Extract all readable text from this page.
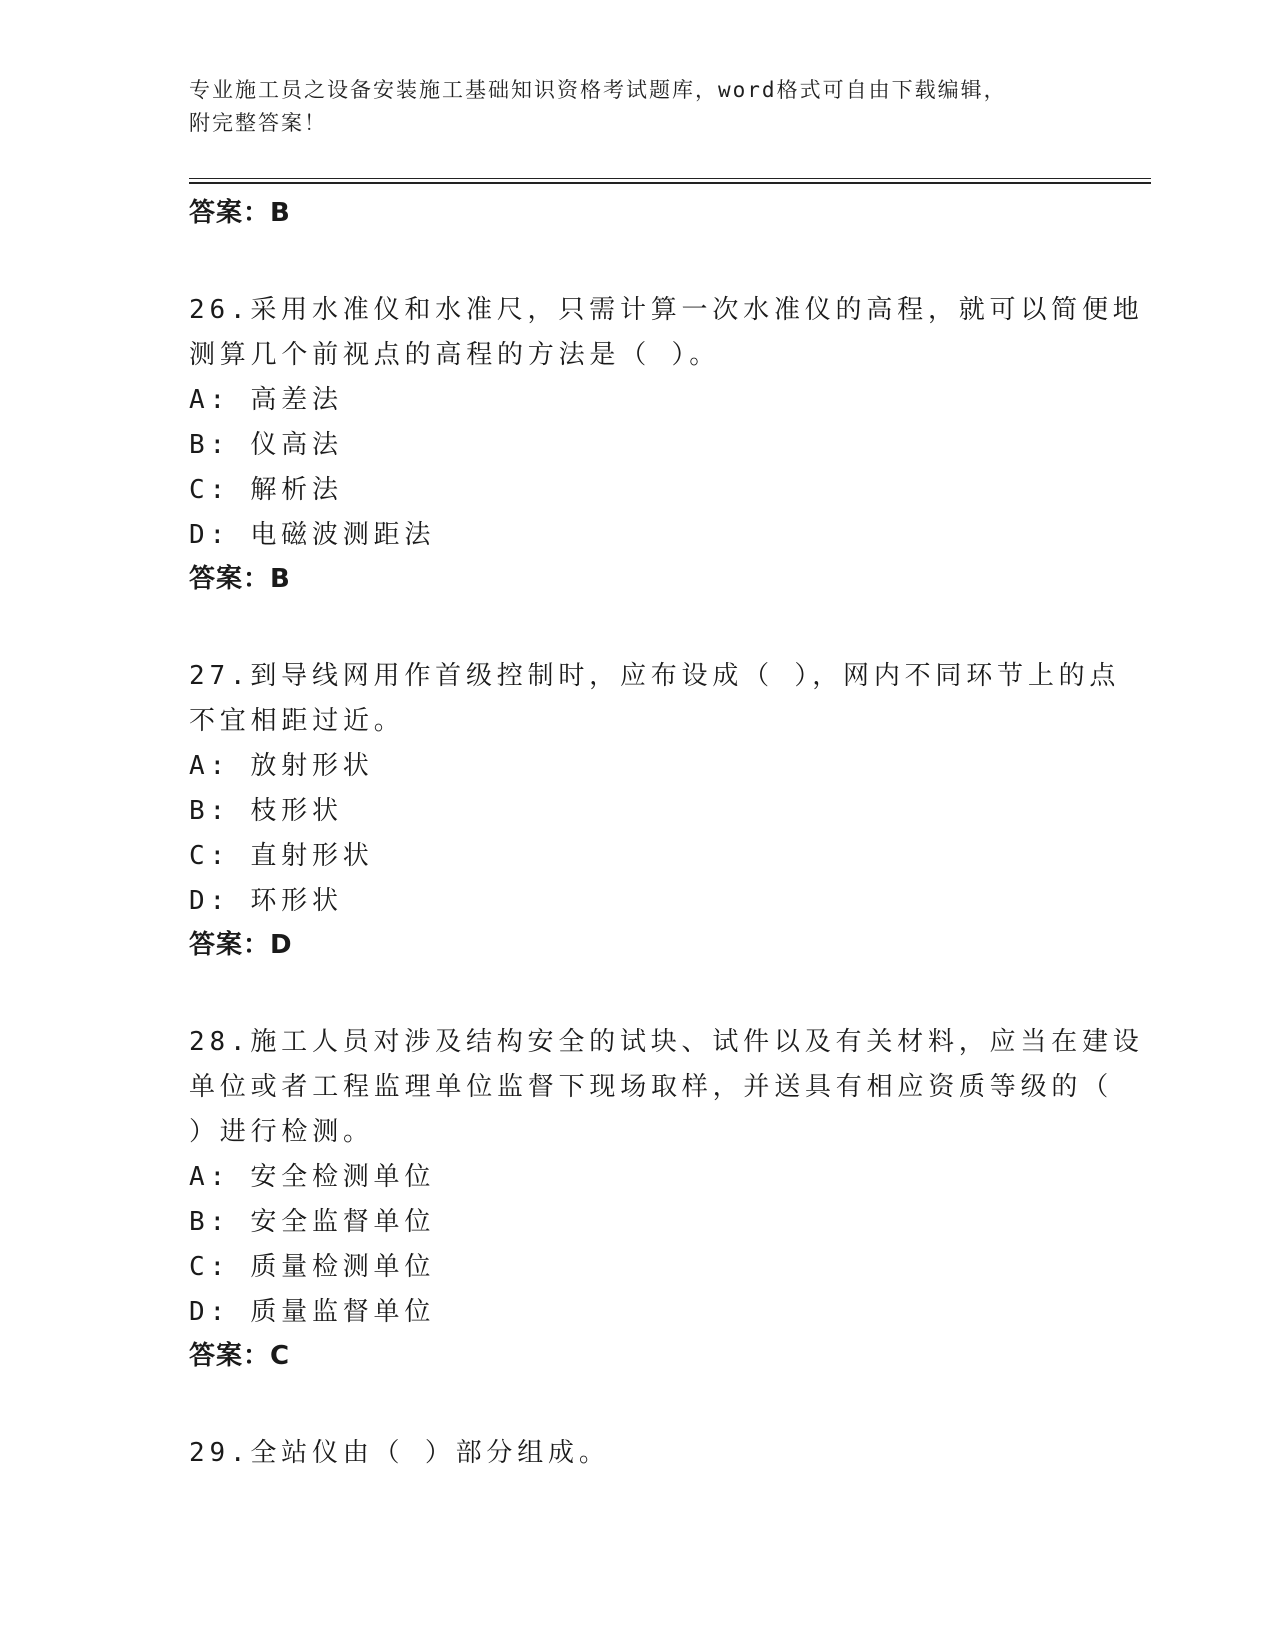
专业施工员之设备安装施工基础知识资格考试题库，word格式可自由下载编辑，
附完整答案！
答案：B
26.采用水准仪和水准尺，只需计算一次水准仪的高程，就可以简便地
测算几个前视点的高程的方法是（ ）。
A: 高差法
B: 仪高法
C: 解析法
D: 电磁波测距法
答案：B
27.到导线网用作首级控制时，应布设成（ ），网内不同环节上的点
不宜相距过近。
A: 放射形状
B: 枝形状
C: 直射形状
D: 环形状
答案：D
28.施工人员对涉及结构安全的试块、试件以及有关材料，应当在建设
单位或者工程监理单位监督下现场取样，并送具有相应资质等级的（
）进行检测。
A: 安全检测单位
B: 安全监督单位
C: 质量检测单位
D: 质量监督单位
答案：C
29.全站仪由（ ）部分组成。
